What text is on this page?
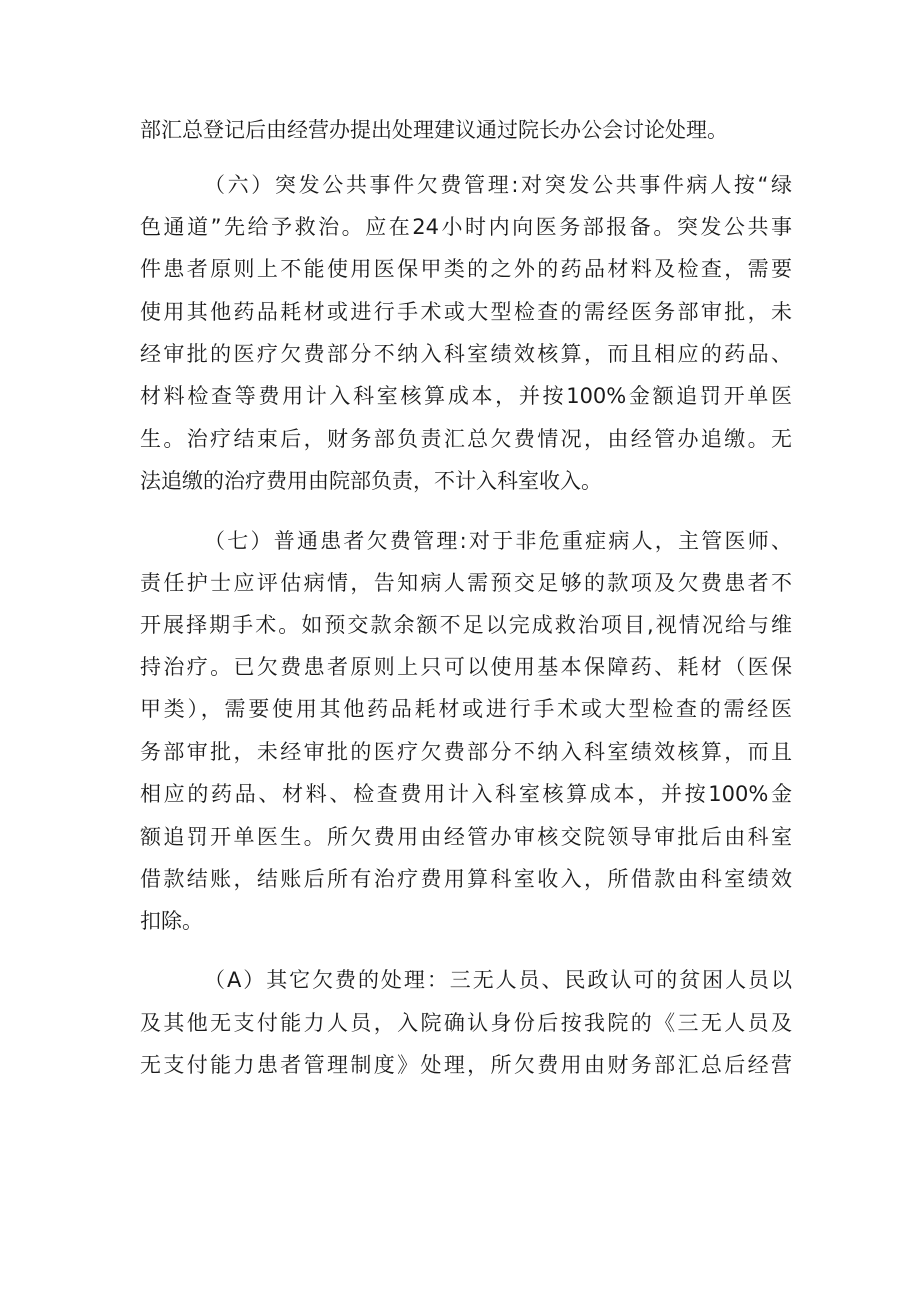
部汇总登记后由经营办提出处理建议通过院长办公会讨论处理。
（六）突发公共事件欠费管理:对突发公共事件病人按“绿
色通道”先给予救治。应在24小时内向医务部报备。突发公共事
件患者原则上不能使用医保甲类的之外的药品材料及检查，需要
使用其他药品耗材或进行手术或大型检查的需经医务部审批，未
经审批的医疗欠费部分不纳入科室绩效核算，而且相应的药品、
材料检查等费用计入科室核算成本，并按100%金额追罚开单医
生。治疗结束后，财务部负责汇总欠费情况，由经管办追缴。无
法追缴的治疗费用由院部负责，不计入科室收入。
（七）普通患者欠费管理:对于非危重症病人，主管医师、
责任护士应评估病情，告知病人需预交足够的款项及欠费患者不
开展择期手术。如预交款余额不足以完成救治项目,视情况给与维
持治疗。已欠费患者原则上只可以使用基本保障药、耗材（医保
甲类），需要使用其他药品耗材或进行手术或大型检查的需经医
务部审批，未经审批的医疗欠费部分不纳入科室绩效核算，而且
相应的药品、材料、检查费用计入科室核算成本，并按100%金
额追罚开单医生。所欠费用由经管办审核交院领导审批后由科室
借款结账，结账后所有治疗费用算科室收入，所借款由科室绩效
扣除。
（A）其它欠费的处理：三无人员、民政认可的贫困人员以
及其他无支付能力人员，入院确认身份后按我院的《三无人员及
无支付能力患者管理制度》处理，所欠费用由财务部汇总后经营
